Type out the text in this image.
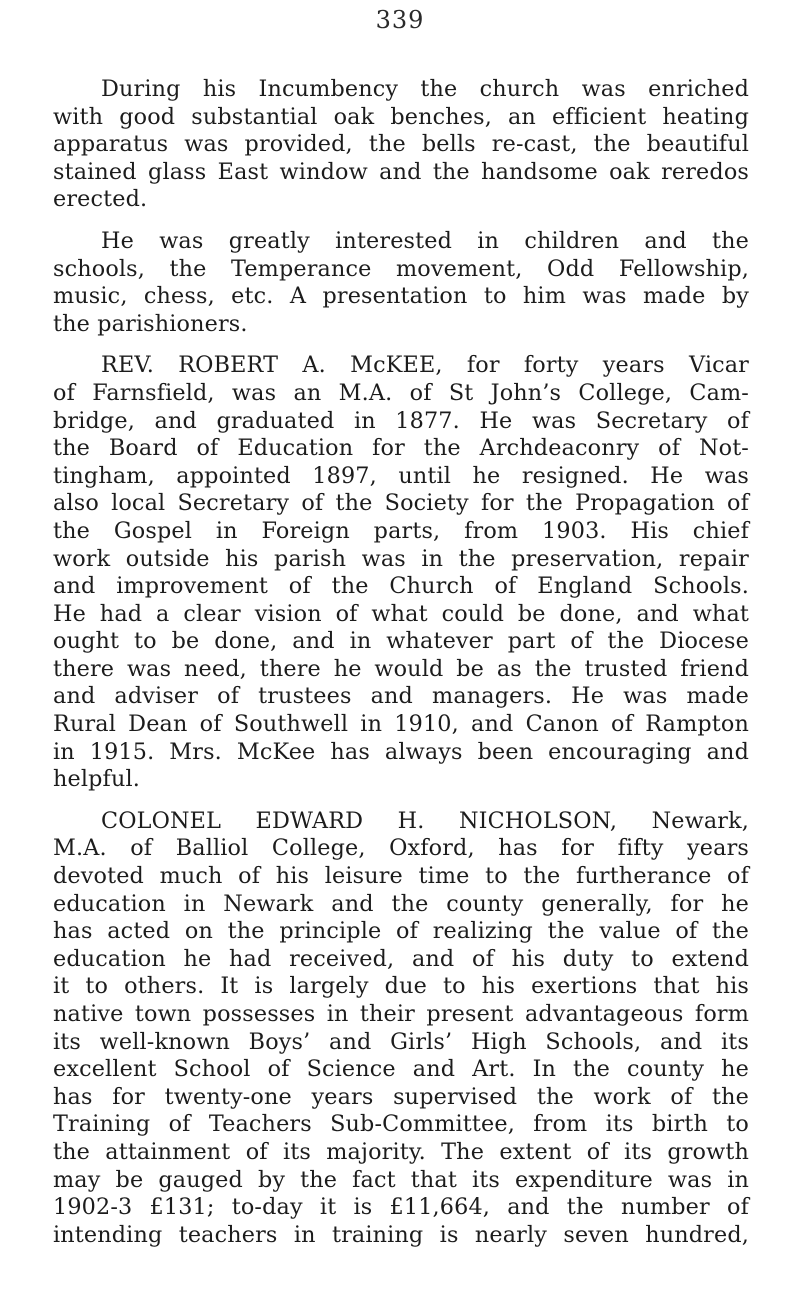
339
During his Incumbency the church was enriched
with good substantial oak benches, an efficient heating
apparatus was provided, the bells re-cast, the beautiful
stained glass East window and the handsome oak reredos
erected.
He was greatly interested in children and the
schools, the Temperance movement, Odd Fellowship,
music, chess, etc. A presentation to him was made by
the parishioners.
REV. ROBERT A. McKEE, for forty years Vicar
of Farnsfield, was an M.A. of St John’s College, Cam-
bridge, and graduated in 1877. He was Secretary of
the Board of Education for the Archdeaconry of Not-
tingham, appointed 1897, until he resigned. He was
also local Secretary of the Society for the Propagation of
the Gospel in Foreign parts, from 1903. His chief
work outside his parish was in the preservation, repair
and improvement of the Church of England Schools.
He had a clear vision of what could be done, and what
ought to be done, and in whatever part of the Diocese
there was need, there he would be as the trusted friend
and adviser of trustees and managers. He was made
Rural Dean of Southwell in 1910, and Canon of Rampton
in 1915. Mrs. McKee has always been encouraging and
helpful.
COLONEL EDWARD H. NICHOLSON, Newark,
M.A. of Balliol College, Oxford, has for fifty years
devoted much of his leisure time to the furtherance of
education in Newark and the county generally, for he
has acted on the principle of realizing the value of the
education he had received, and of his duty to extend
it to others. It is largely due to his exertions that his
native town possesses in their present advantageous form
its well-known Boys’ and Girls’ High Schools, and its
excellent School of Science and Art. In the county he
has for twenty-one years supervised the work of the
Training of Teachers Sub-Committee, from its birth to
the attainment of its majority. The extent of its growth
may be gauged by the fact that its expenditure was in
1902-3 £131; to-day it is £11,664, and the number of
intending teachers in training is nearly seven hundred,
